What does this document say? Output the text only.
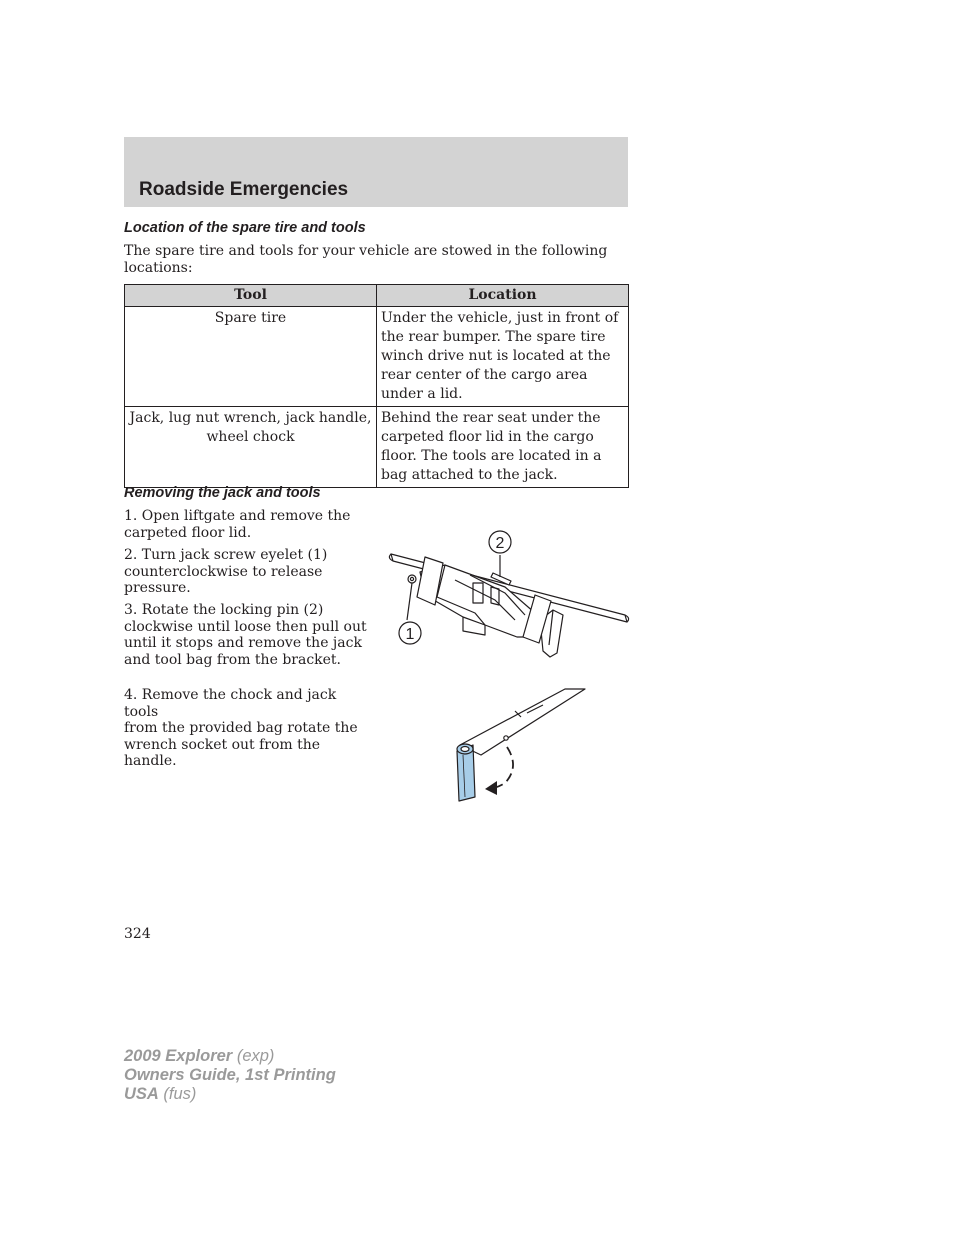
Roadside Emergencies
Location of the spare tire and tools

The spare tire and tools for your vehicle are stowed in the following
locations:

Tool	Location
Spare tire	Under the vehicle, just in front of
the rear bumper. The spare tire
winch drive nut is located at the
rear center of the cargo area
under a lid.
Jack, lug nut wrench, jack handle,
wheel chock	Behind the rear seat under the
carpeted floor lid in the cargo
floor. The tools are located in a
bag attached to the jack.
Removing the jack and tools

1. Open liftgate and remove the
carpeted floor lid.

2. Turn jack screw eyelet (1)
counterclockwise to release
pressure.

3. Rotate the locking pin (2)
clockwise until loose then pull out
until it stops and remove the jack
and tool bag from the bracket.

4. Remove the chock and jack tools
from the provided bag rotate the
wrench socket out from the handle.

2
1

324

2009 Explorer (exp)
Owners Guide, 1st Printing
USA (fus)
